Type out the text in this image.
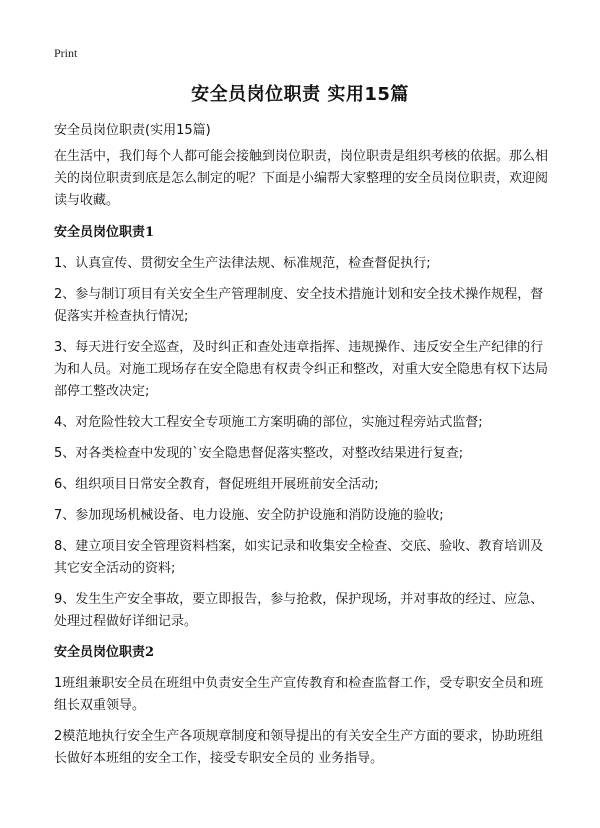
Print
安全员岗位职责 实用15篇

安全员岗位职责(实用15篇)

在生活中，我们每个人都可能会接触到岗位职责，岗位职责是组织考核的依据。那么相关的岗位职责到底是怎么制定的呢？下面是小编帮大家整理的安全员岗位职责，欢迎阅读与收藏。

安全员岗位职责1

1、认真宣传、贯彻安全生产法律法规、标准规范，检查督促执行;

2、参与制订项目有关安全生产管理制度、安全技术措施计划和安全技术操作规程，督促落实并检查执行情况;

3、每天进行安全巡查，及时纠正和查处违章指挥、违规操作、违反安全生产纪律的行为和人员。对施工现场存在安全隐患有权责令纠正和整改，对重大安全隐患有权下达局部停工整改决定;

4、对危险性较大工程安全专项施工方案明确的部位，实施过程旁站式监督;

5、对各类检查中发现的`安全隐患督促落实整改，对整改结果进行复查;

6、组织项目日常安全教育，督促班组开展班前安全活动;

7、参加现场机械设备、电力设施、安全防护设施和消防设施的验收;

8、建立项目安全管理资料档案，如实记录和收集安全检查、交底、验收、教育培训及其它安全活动的资料;

9、发生生产安全事故，要立即报告，参与抢救，保护现场，并对事故的经过、应急、处理过程做好详细记录。

安全员岗位职责2

1班组兼职安全员在班组中负责安全生产宣传教育和检查监督工作，受专职安全员和班组长双重领导。

2模范地执行安全生产各项规章制度和领导提出的有关安全生产方面的要求，协助班组长做好本班组的安全工作，接受专职安全员的 业务指导。
